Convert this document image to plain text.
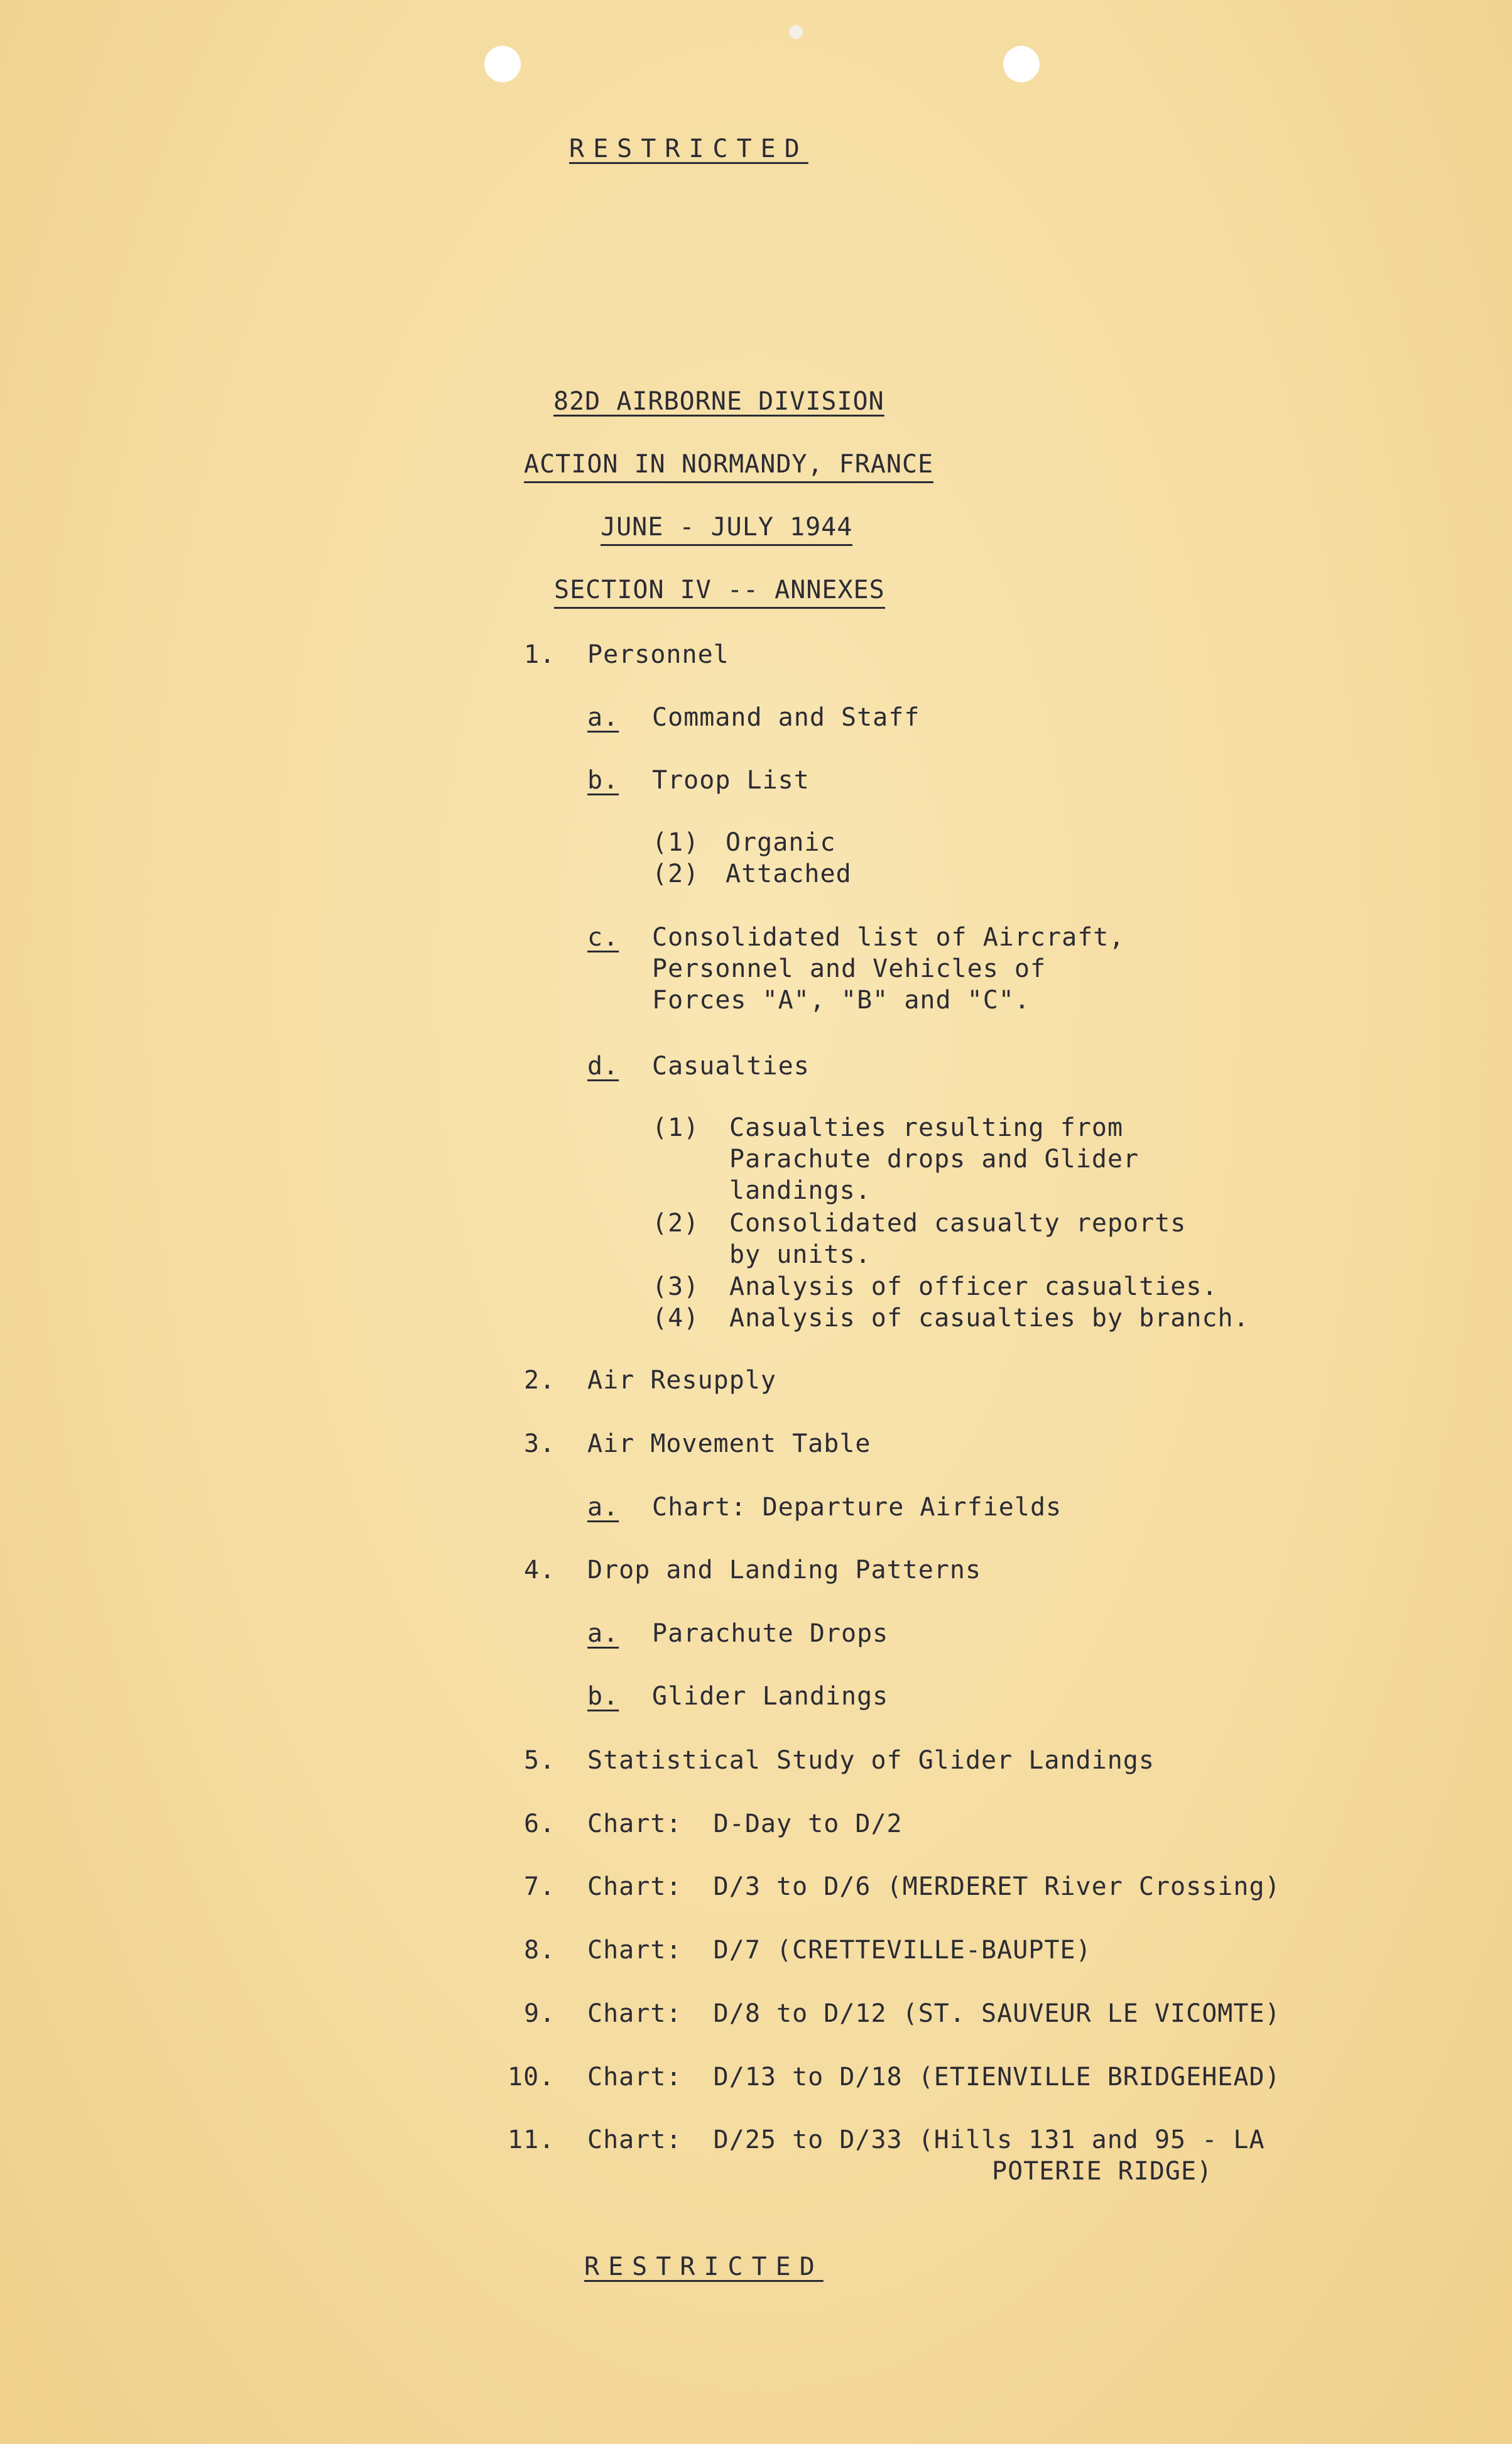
RESTRICTED
82D AIRBORNE DIVISION
ACTION IN NORMANDY, FRANCE
JUNE - JULY 1944
SECTION IV -- ANNEXES
1. Personnel
a. Command and Staff
b. Troop List
(1) Organic
(2) Attached
c. Consolidated list of Aircraft,
Personnel and Vehicles of
Forces "A", "B" and "C".
d. Casualties
(1) Casualties resulting from
Parachute drops and Glider
landings.
(2) Consolidated casualty reports
by units.
(3) Analysis of officer casualties.
(4) Analysis of casualties by branch.
2. Air Resupply
3. Air Movement Table
a. Chart: Departure Airfields
4. Drop and Landing Patterns
a. Parachute Drops
b. Glider Landings
5. Statistical Study of Glider Landings
6. Chart:  D-Day to D/2
7. Chart:  D/3 to D/6 (MERDERET River Crossing)
8. Chart:  D/7 (CRETTEVILLE-BAUPTE)
9. Chart:  D/8 to D/12 (ST. SAUVEUR LE VICOMTE)
10. Chart:  D/13 to D/18 (ETIENVILLE BRIDGEHEAD)
11. Chart:  D/25 to D/33 (Hills 131 and 95 - LA
POTERIE RIDGE)
RESTRICTED
